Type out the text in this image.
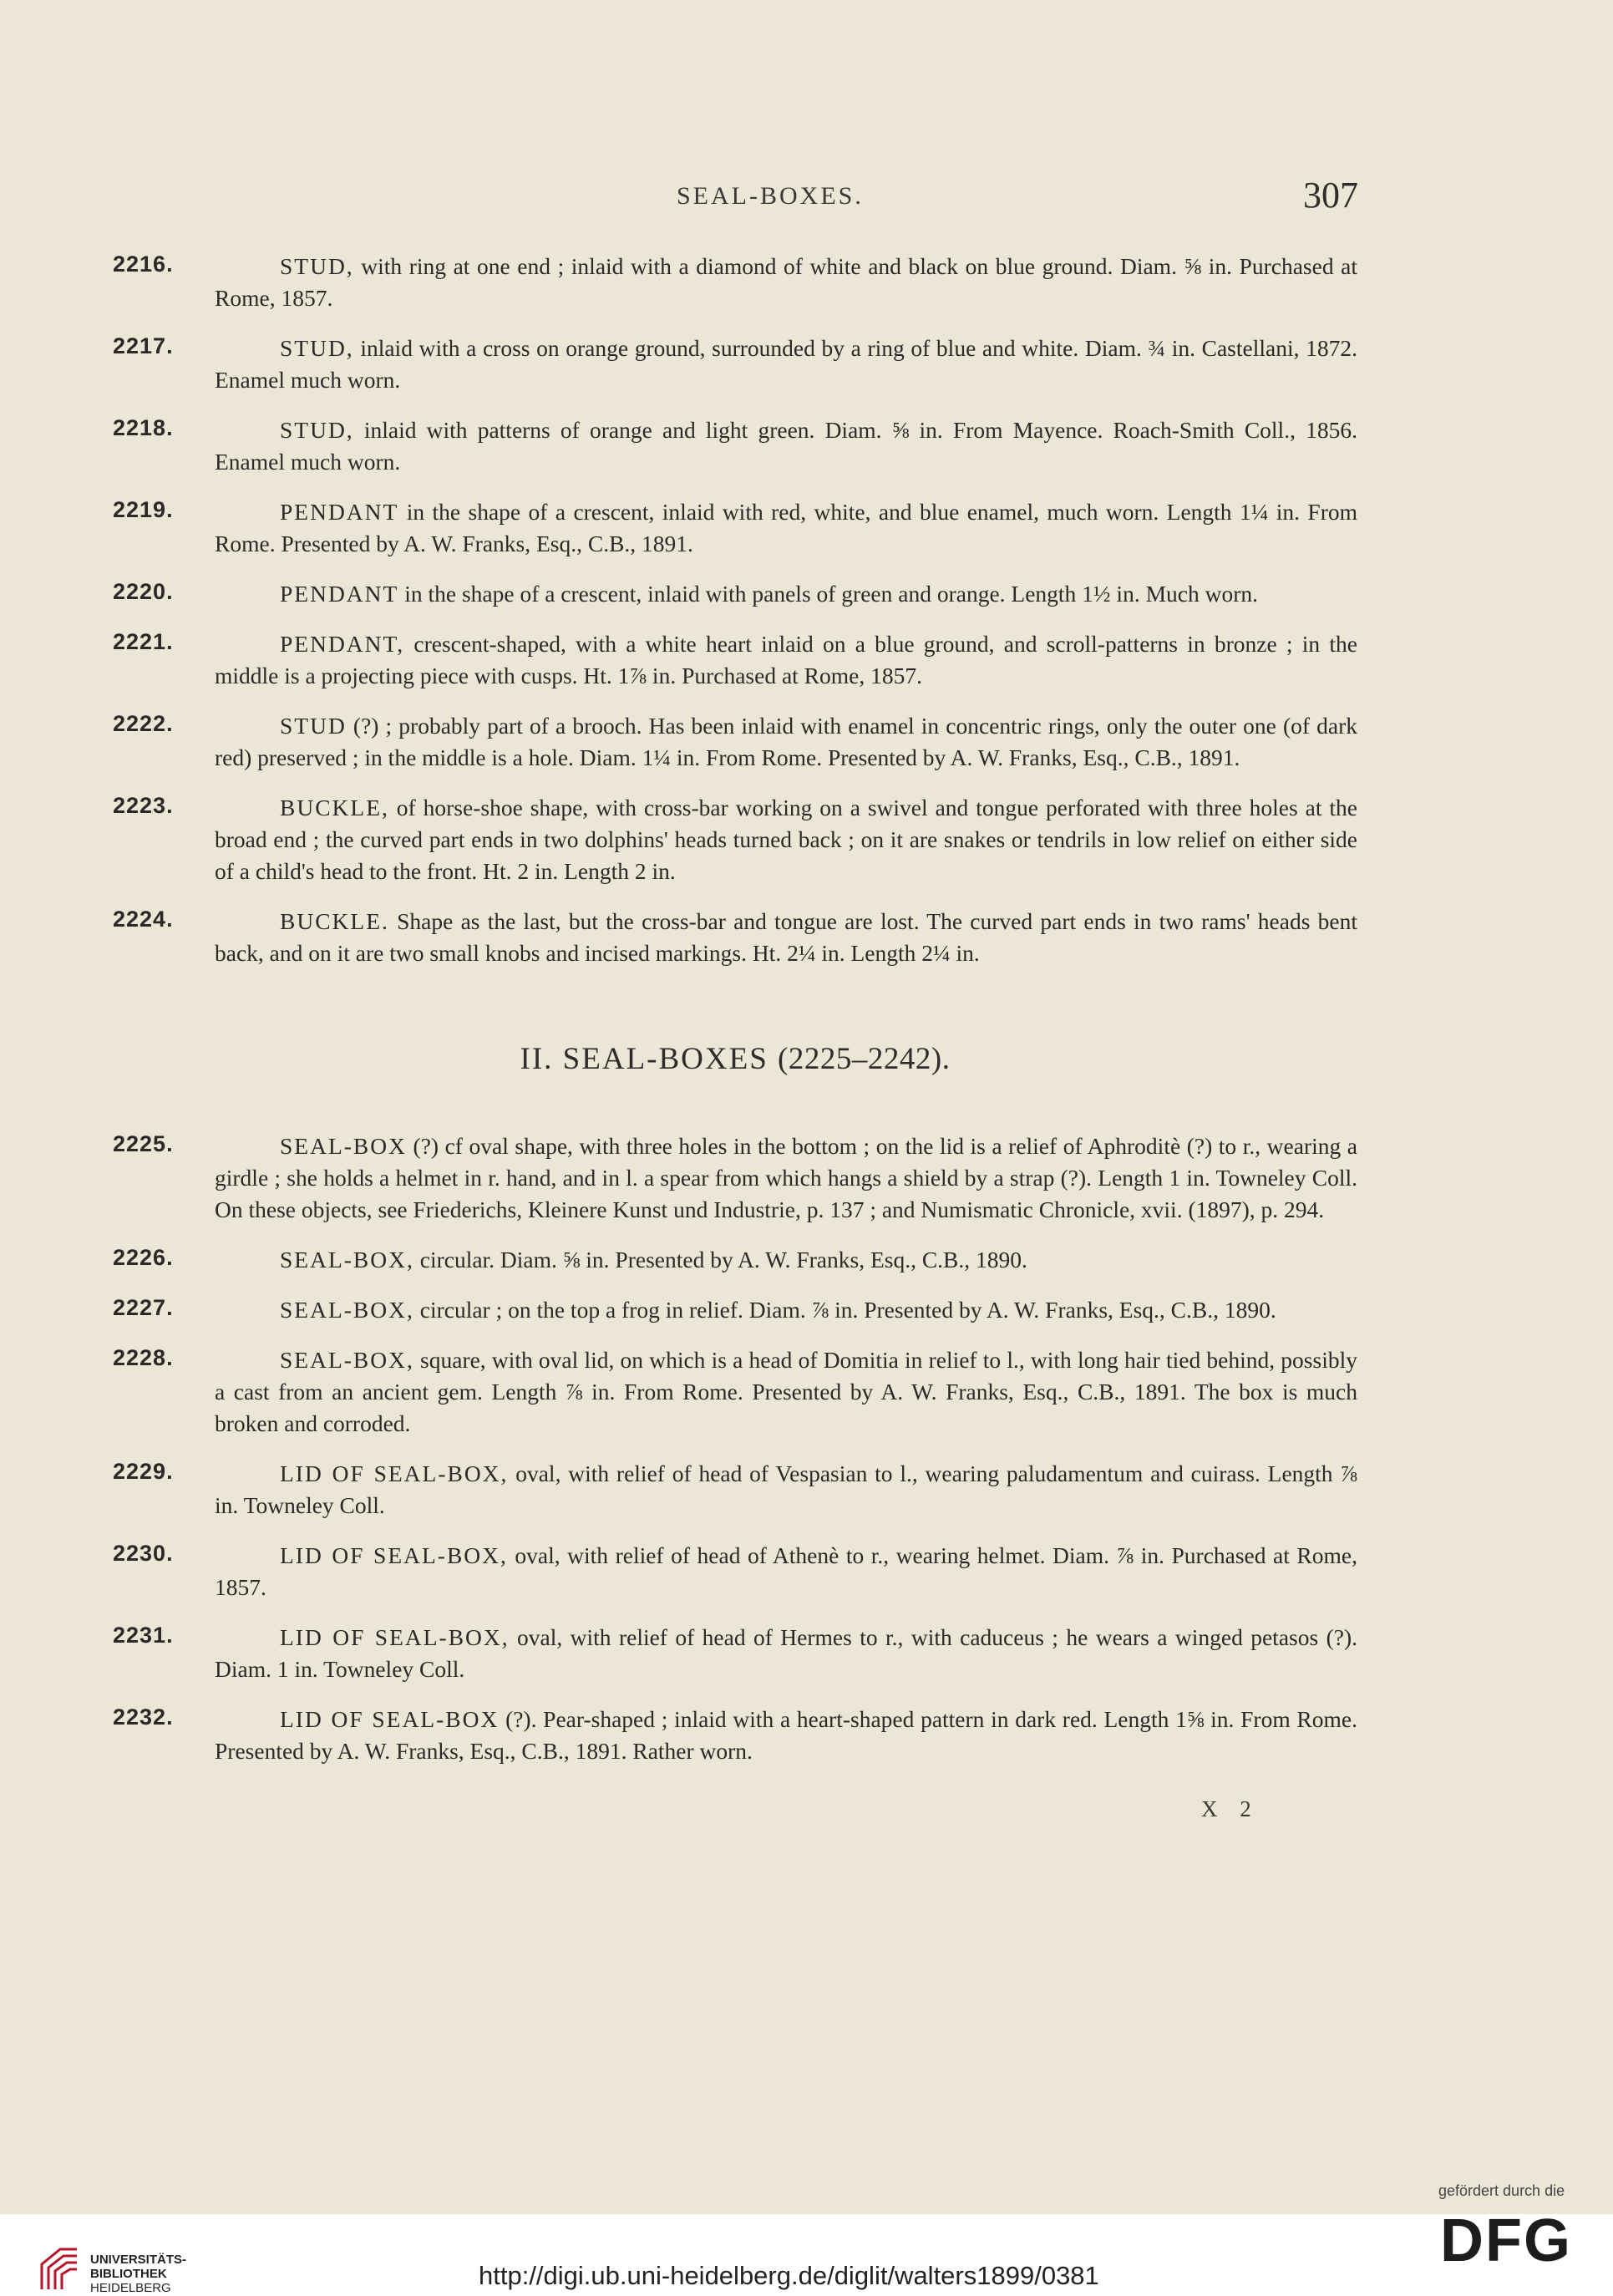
SEAL-BOXES.	307
2216.	STUD, with ring at one end ; inlaid with a diamond of white and black on blue ground. Diam. ⅝ in. Purchased at Rome, 1857.
2217.	STUD, inlaid with a cross on orange ground, surrounded by a ring of blue and white. Diam. ¾ in. Castellani, 1872. Enamel much worn.
2218.	STUD, inlaid with patterns of orange and light green. Diam. ⅝ in. From Mayence. Roach-Smith Coll., 1856. Enamel much worn.
2219.	PENDANT in the shape of a crescent, inlaid with red, white, and blue enamel, much worn. Length 1¼ in. From Rome. Presented by A. W. Franks, Esq., C.B., 1891.
2220.	PENDANT in the shape of a crescent, inlaid with panels of green and orange. Length 1½ in. Much worn.
2221.	PENDANT, crescent-shaped, with a white heart inlaid on a blue ground, and scroll-patterns in bronze ; in the middle is a projecting piece with cusps. Ht. 1⅞ in. Purchased at Rome, 1857.
2222.	STUD (?) ; probably part of a brooch. Has been inlaid with enamel in concentric rings, only the outer one (of dark red) preserved ; in the middle is a hole. Diam. 1¼ in. From Rome. Presented by A. W. Franks, Esq., C.B., 1891.
2223.	BUCKLE, of horse-shoe shape, with cross-bar working on a swivel and tongue perforated with three holes at the broad end ; the curved part ends in two dolphins' heads turned back ; on it are snakes or tendrils in low relief on either side of a child's head to the front. Ht. 2 in. Length 2 in.
2224.	BUCKLE. Shape as the last, but the cross-bar and tongue are lost. The curved part ends in two rams' heads bent back, and on it are two small knobs and incised markings. Ht. 2¼ in. Length 2¼ in.
II. SEAL-BOXES (2225–2242).
2225.	SEAL-BOX (?) cf oval shape, with three holes in the bottom ; on the lid is a relief of Aphroditè (?) to r., wearing a girdle ; she holds a helmet in r. hand, and in l. a spear from which hangs a shield by a strap (?). Length 1 in. Towneley Coll. On these objects, see Friederichs, Kleinere Kunst und Industrie, p. 137 ; and Numismatic Chronicle, xvii. (1897), p. 294.
2226.	SEAL-BOX, circular. Diam. ⅝ in. Presented by A. W. Franks, Esq., C.B., 1890.
2227.	SEAL-BOX, circular ; on the top a frog in relief. Diam. ⅞ in. Presented by A. W. Franks, Esq., C.B., 1890.
2228.	SEAL-BOX, square, with oval lid, on which is a head of Domitia in relief to l., with long hair tied behind, possibly a cast from an ancient gem. Length ⅞ in. From Rome. Presented by A. W. Franks, Esq., C.B., 1891. The box is much broken and corroded.
2229.	LID OF SEAL-BOX, oval, with relief of head of Vespasian to l., wearing paludamentum and cuirass. Length ⅞ in. Towneley Coll.
2230.	LID OF SEAL-BOX, oval, with relief of head of Athenè to r., wearing helmet. Diam. ⅞ in. Purchased at Rome, 1857.
2231.	LID OF SEAL-BOX, oval, with relief of head of Hermes to r., with caduceus ; he wears a winged petasos (?). Diam. 1 in. Towneley Coll.
2232.	LID OF SEAL-BOX (?). Pear-shaped ; inlaid with a heart-shaped pattern in dark red. Length 1⅝ in. From Rome. Presented by A. W. Franks, Esq., C.B., 1891. Rather worn.
X 2
gefördert durch die
UNIVERSITÄTS-
BIBLIOTHEK
HEIDELBERG	http://digi.ub.uni-heidelberg.de/diglit/walters1899/0381
DFG
